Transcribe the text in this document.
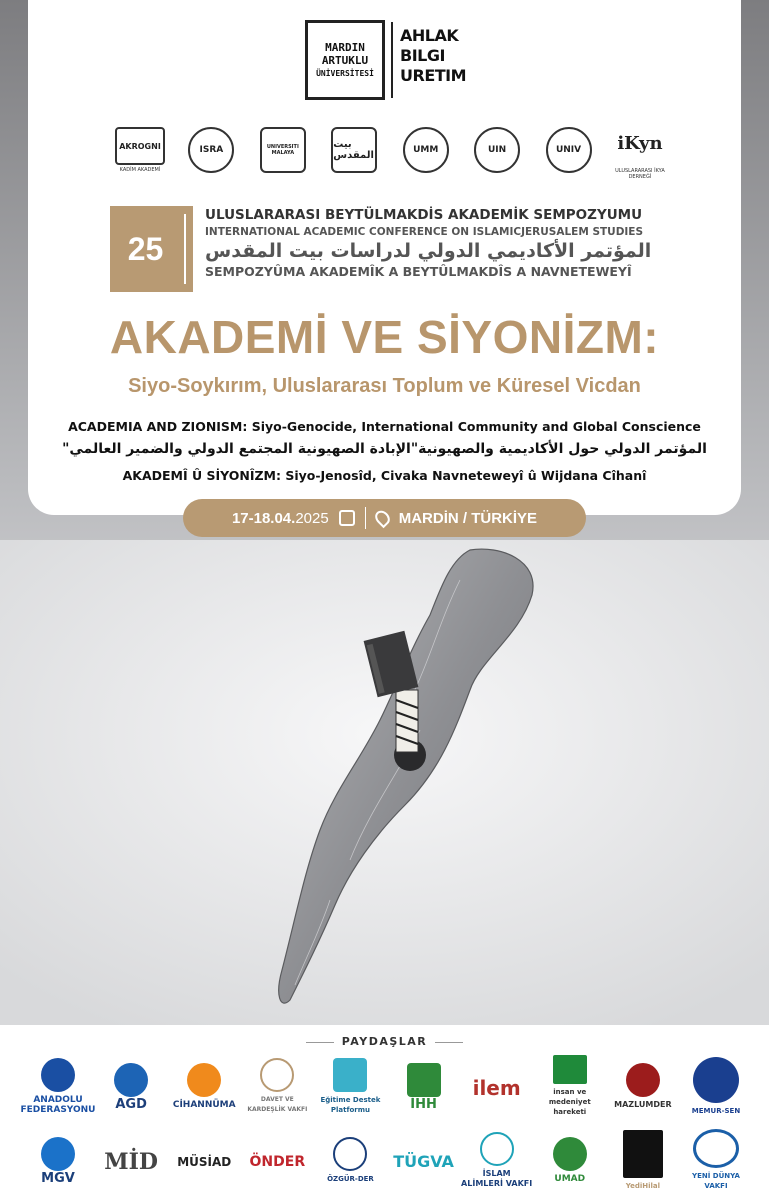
MARDIN
ARTUKLU
ÜNİVERSİTESİ
AHLAK
BILGI
URETIM
AKROGNI
KADİM AKADEMİ
ISRA	UNIVERSITI MALAYA
بيت المقدس	UMM	UIN	UNIV	iKyn
ULUSLARARASI İKYA DERNEĞİ
25
ULUSLARARASI BEYTÜLMAKDİS AKADEMİK SEMPOZYUMU
INTERNATIONAL ACADEMIC CONFERENCE ON ISLAMICJERUSALEM STUDIES
المؤتمر الأكاديمي الدولي لدراسات بيت المقدس
SEMPOZYÛMA AKADEMÎK A BEYTÛLMAKDÎS A NAVNETEWEYÎ
AKADEMİ VE SİYONİZM:
Siyo-Soykırım, Uluslararası Toplum ve Küresel Vicdan
ACADEMIA AND ZIONISM: Siyo-Genocide, International Community and Global Conscience
المؤتمر الدولي حول الأكاديمية والصهيونية"الإبادة الصهيونية المجتمع الدولي والضمير العالمي"
AKADEMÎ Û SİYONÎZM: Siyo-Jenosîd, Civaka Navneteweyî û Wijdana Cîhanî
17-18.04.2025	MARDİN / TÜRKİYE
PAYDAŞLAR
ANADOLU FEDERASYONU AGD	CİHANNÜMA
DAVET VE KARDEŞLİK VAKFI
Eğitime Destek Platformu	İHH
ilem	insan ve medeniyet hareketi
MAZLUMDER
MEMUR-SEN
MGV
MİD MÜSİAD ÖNDER
ÖZGÜR-DER
TÜGVA
İSLAM ALİMLERİ VAKFI UMAD
YediHilal
YENİ DÜNYA VAKFI
